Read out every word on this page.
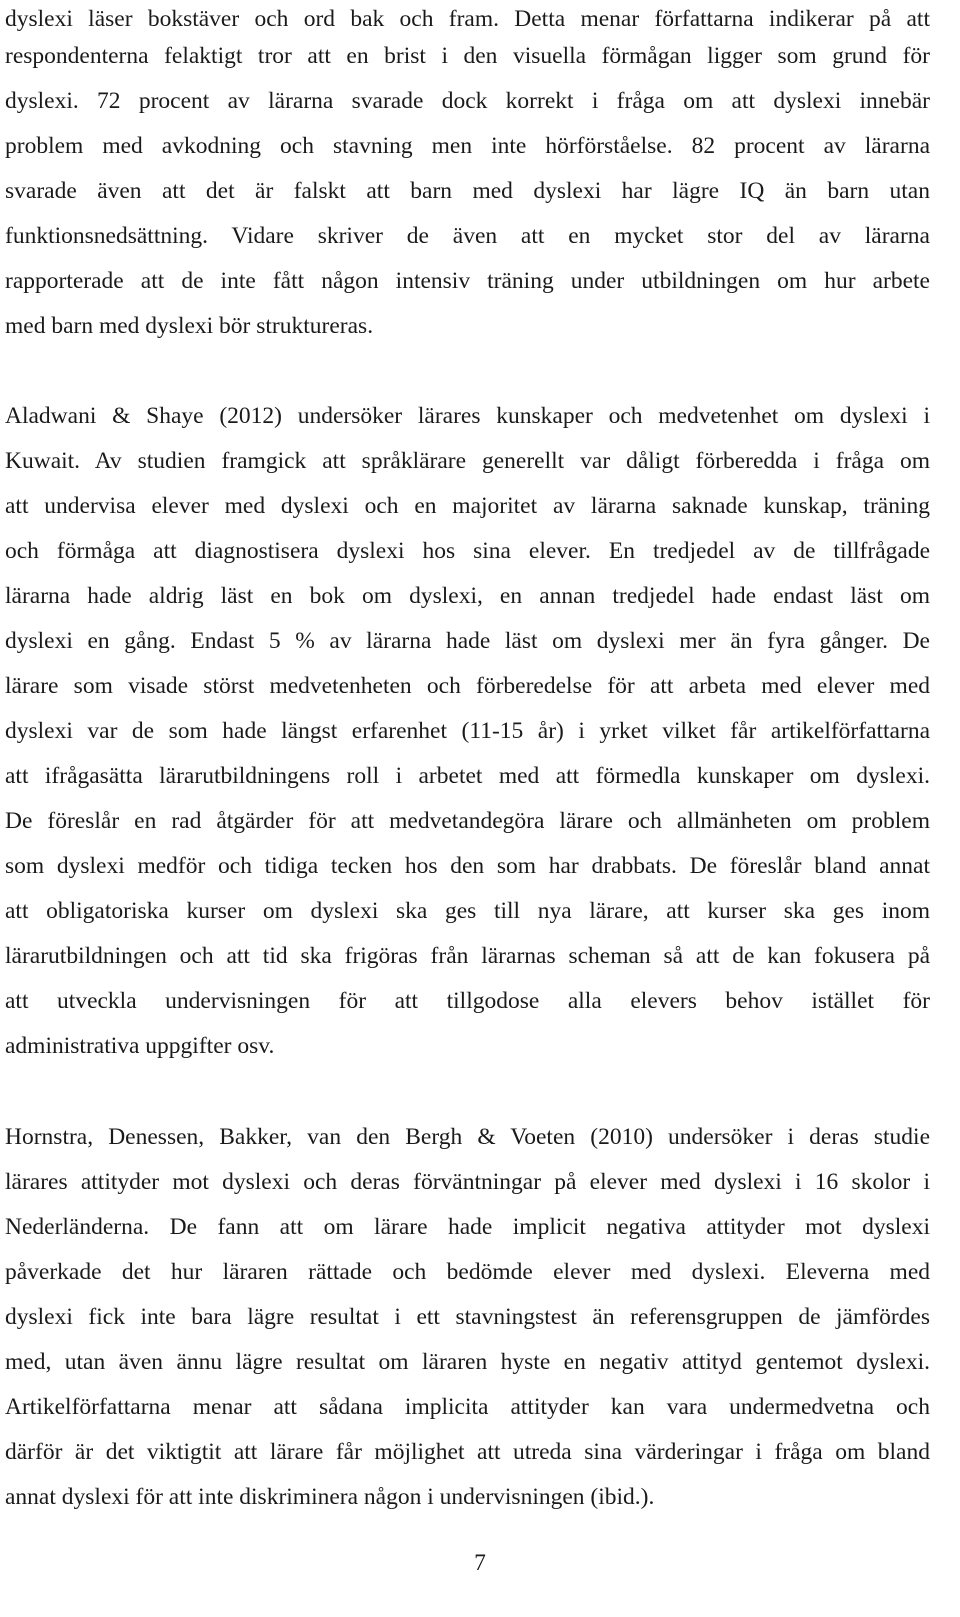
dyslexi läser bokstäver och ord bak och fram. Detta menar författarna indikerar på att
respondenterna felaktigt tror att en brist i den visuella förmågan ligger som grund för
dyslexi. 72 procent av lärarna svarade dock korrekt i fråga om att dyslexi innebär
problem med avkodning och stavning men inte hörförståelse. 82 procent av lärarna
svarade även att det är falskt att barn med dyslexi har lägre IQ än barn utan
funktionsnedsättning. Vidare skriver de även att en mycket stor del av lärarna
rapporterade att de inte fått någon intensiv träning under utbildningen om hur arbete
med barn med dyslexi bör struktureras.
Aladwani & Shaye (2012) undersöker lärares kunskaper och medvetenhet om dyslexi i
Kuwait. Av studien framgick att språklärare generellt var dåligt förberedda i fråga om
att undervisa elever med dyslexi och en majoritet av lärarna saknade kunskap, träning
och förmåga att diagnostisera dyslexi hos sina elever. En tredjedel av de tillfrågade
lärarna hade aldrig läst en bok om dyslexi, en annan tredjedel hade endast läst om
dyslexi en gång. Endast 5 % av lärarna hade läst om dyslexi mer än fyra gånger. De
lärare som visade störst medvetenheten och förberedelse för att arbeta med elever med
dyslexi var de som hade längst erfarenhet (11-15 år) i yrket vilket får artikelförfattarna
att ifrågasätta lärarutbildningens roll i arbetet med att förmedla kunskaper om dyslexi.
De föreslår en rad åtgärder för att medvetandegöra lärare och allmänheten om problem
som dyslexi medför och tidiga tecken hos den som har drabbats. De föreslår bland annat
att obligatoriska kurser om dyslexi ska ges till nya lärare, att kurser ska ges inom
lärarutbildningen och att tid ska frigöras från lärarnas scheman så att de kan fokusera på
att utveckla undervisningen för att tillgodose alla elevers behov istället för
administrativa uppgifter osv.
Hornstra, Denessen, Bakker, van den Bergh & Voeten (2010) undersöker i deras studie
lärares attityder mot dyslexi och deras förväntningar på elever med dyslexi i 16 skolor i
Nederländerna. De fann att om lärare hade implicit negativa attityder mot dyslexi
påverkade det hur läraren rättade och bedömde elever med dyslexi. Eleverna med
dyslexi fick inte bara lägre resultat i ett stavningstest än referensgruppen de jämfördes
med, utan även ännu lägre resultat om läraren hyste en negativ attityd gentemot dyslexi.
Artikelförfattarna menar att sådana implicita attityder kan vara undermedvetna och
därför är det viktigtit att lärare får möjlighet att utreda sina värderingar i fråga om bland
annat dyslexi för att inte diskriminera någon i undervisningen (ibid.).
7
